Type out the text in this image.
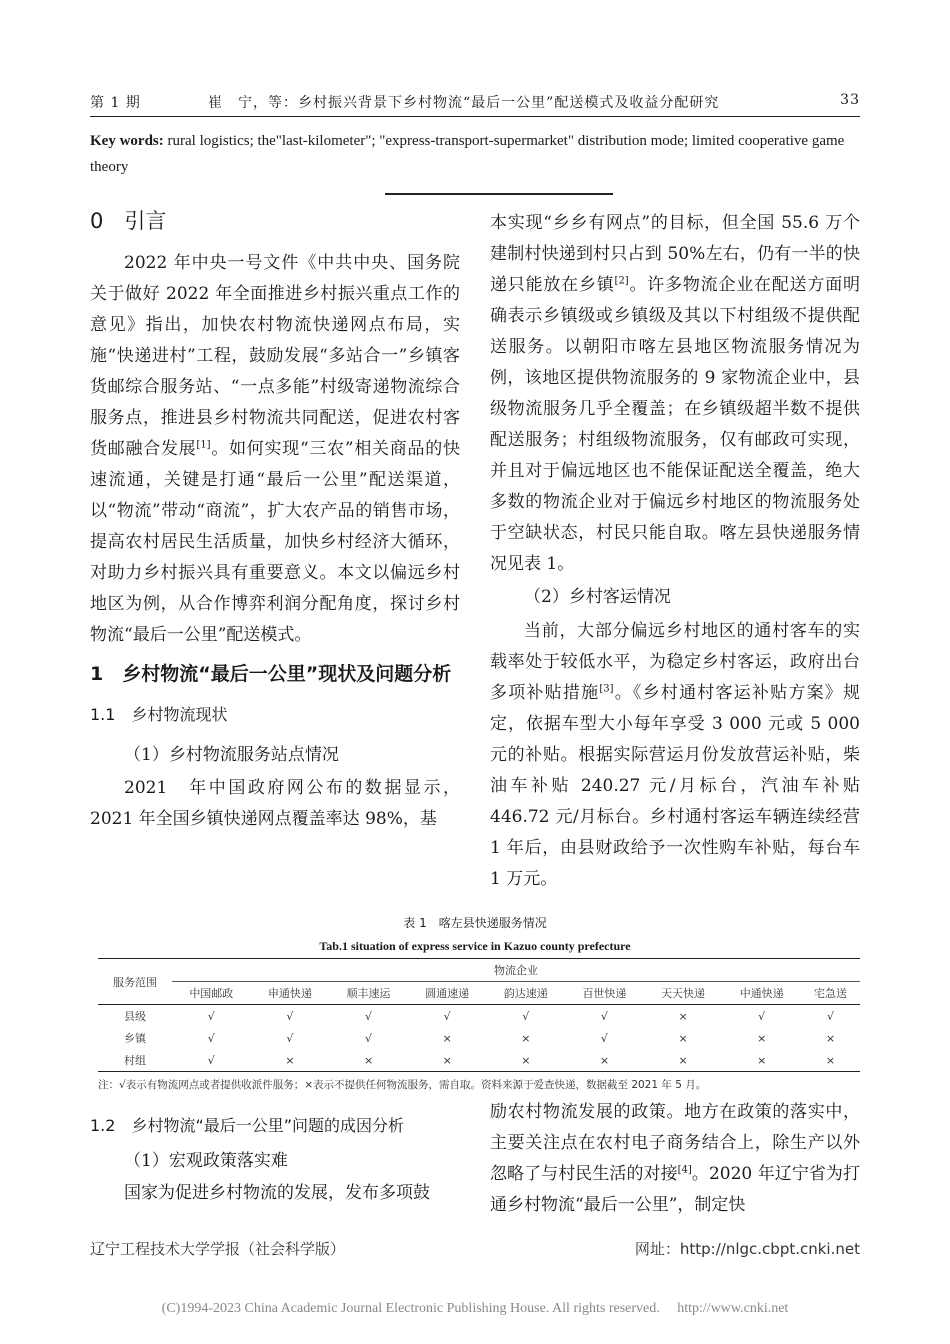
第 1 期	崔　宁，等：乡村振兴背景下乡村物流“最后一公里”配送模式及收益分配研究	33
Key words: rural logistics; the"last-kilometer"; "express-transport-supermarket" distribution mode; limited cooperative game theory
0　引言

2022 年中央一号文件《中共中央、国务院关于做好 2022 年全面推进乡村振兴重点工作的意见》指出，加快农村物流快递网点布局，实施“快递进村”工程，鼓励发展“多站合一”乡镇客货邮综合服务站、“一点多能”村级寄递物流综合服务点，推进县乡村物流共同配送，促进农村客货邮融合发展[1]。如何实现“三农”相关商品的快速流通，关键是打通“最后一公里”配送渠道，以“物流”带动“商流”，扩大农产品的销售市场，提高农村居民生活质量，加快乡村经济大循环，对助力乡村振兴具有重要意义。本文以偏远乡村地区为例，从合作博弈利润分配角度，探讨乡村物流“最后一公里”配送模式。

1　乡村物流“最后一公里”现状及问题分析
1.1　乡村物流现状

（1）乡村物流服务站点情况

2021　年中国政府网公布的数据显示，2021 年全国乡镇快递网点覆盖率达 98%，基

本实现“乡乡有网点”的目标，但全国 55.6 万个建制村快递到村只占到 50%左右，仍有一半的快递只能放在乡镇[2]。许多物流企业在配送方面明确表示乡镇级或乡镇级及其以下村组级不提供配送服务。以朝阳市喀左县地区物流服务情况为例，该地区提供物流服务的 9 家物流企业中，县级物流服务几乎全覆盖；在乡镇级超半数不提供配送服务；村组级物流服务，仅有邮政可实现，并且对于偏远地区也不能保证配送全覆盖，绝大多数的物流企业对于偏远乡村地区的物流服务处于空缺状态，村民只能自取。喀左县快递服务情况见表 1。

（2）乡村客运情况

当前，大部分偏远乡村地区的通村客车的实载率处于较低水平，为稳定乡村客运，政府出台多项补贴措施[3]。《乡村通村客运补贴方案》规定，依据车型大小每年享受 3 000 元或 5 000 元的补贴。根据实际营运月份发放营运补贴，柴油车补贴 240.27 元/月标台，汽油车补贴 446.72 元/月标台。乡村通村客运车辆连续经营 1 年后，由县财政给予一次性购车补贴，每台车 1 万元。

表 1　喀左县快递服务情况
Tab.1 situation of express service in Kazuo county prefecture
服务范围	物流企业								
	中国邮政	申通快递	顺丰速运	圆通速递	韵达速递	百世快递	天天快递	中通快递	宅急送
县级	√	√	√	√	√	√	×	√	√
乡镇	√	√	√	×	×	√	×	×	×
村组	√	×	×	×	×	×	×	×	×
注：√表示有物流网点或者提供收派件服务；×表示不提供任何物流服务，需自取。资料来源于爱查快递，数据截至 2021 年 5 月。
1.2　乡村物流“最后一公里”问题的成因分析

（1）宏观政策落实难

国家为促进乡村物流的发展，发布多项鼓

励农村物流发展的政策。地方在政策的落实中，主要关注点在农村电子商务结合上，除生产以外忽略了与村民生活的对接[4]。2020 年辽宁省为打通乡村物流“最后一公里”，制定快

辽宁工程技术大学学报（社会科学版）	网址：http://nlgc.cbpt.cnki.net
(C)1994-2023 China Academic Journal Electronic Publishing House. All rights reserved.　 http://www.cnki.net
